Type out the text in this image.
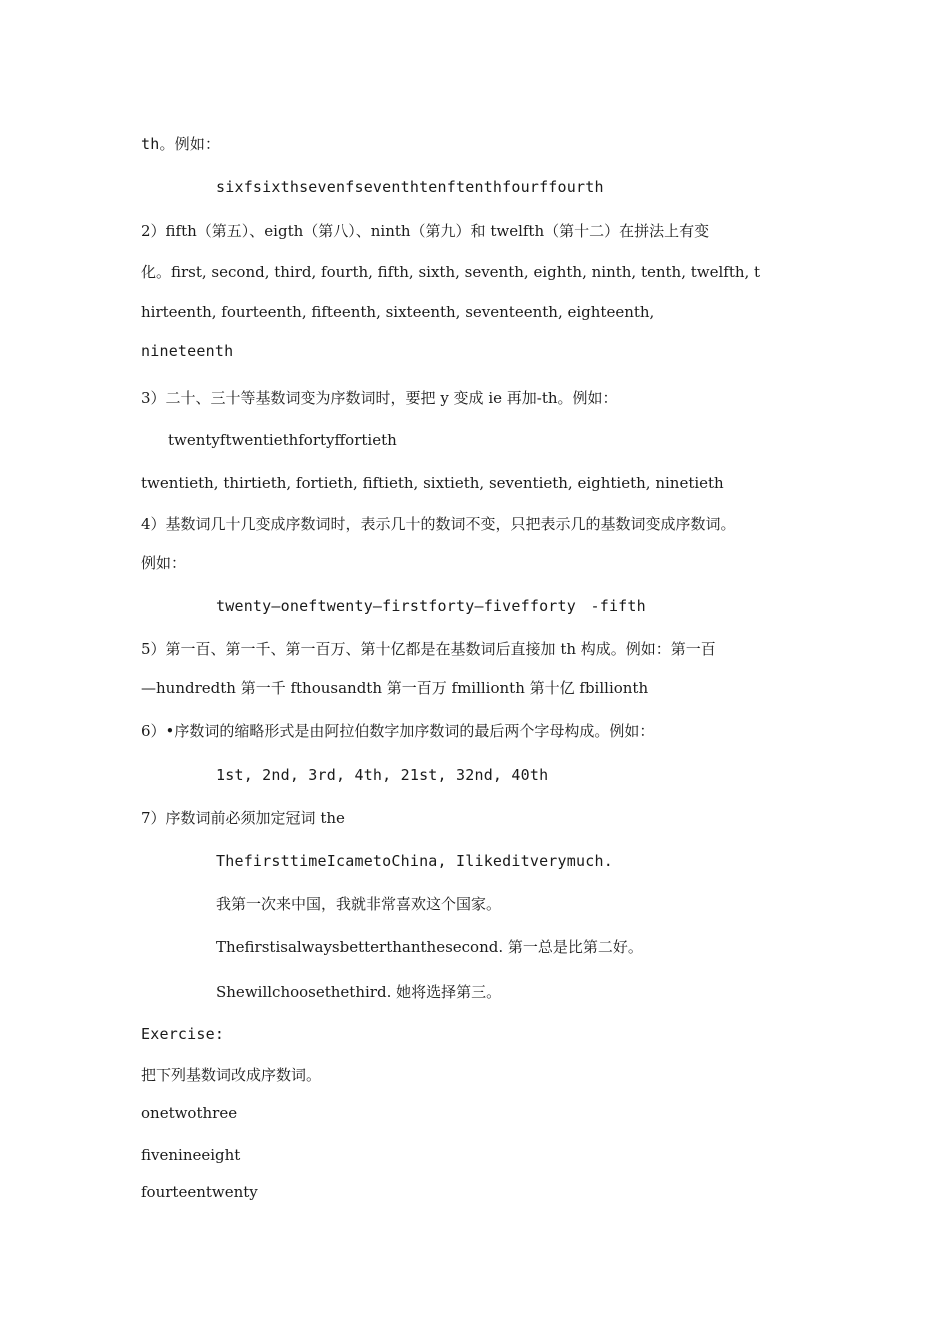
th。例如：
sixfsixthsevenfseventhtenftenthfourffourth
2）fifth（第五）、eigth（第八）、ninth（第九）和 twelfth（第十二）在拼法上有变
化。first, second, third, fourth, fifth, sixth, seventh, eighth, ninth, tenth, twelfth, t
hirteenth, fourteenth, fifteenth, sixteenth, seventeenth, eighteenth,
nineteenth
3）二十、三十等基数词变为序数词时，要把 y 变成 ie 再加-th。例如：
twentyftwentiethfortyffortieth
twentieth, thirtieth, fortieth, fiftieth, sixtieth, seventieth, eightieth, ninetieth
4）基数词几十几变成序数词时，表示几十的数词不变，只把表示几的基数词变成序数词。
例如：
twenty—oneftwenty—firstforty—fiveffortyﾠ-fifth
5）第一百、第一千、第一百万、第十亿都是在基数词后直接加 th 构成。例如：第一百
—hundredth 第一千 fthousandth 第一百万 fmillionth 第十亿 fbillionth
6）•序数词的缩略形式是由阿拉伯数字加序数词的最后两个字母构成。例如：
1st, 2nd, 3rd, 4th, 21st, 32nd, 40th
7）序数词前必须加定冠词 the
ThefirsttimeIcametoChina, Ilikeditverymuch.
我第一次来中国，我就非常喜欢这个国家。
Thefirstisalwaysbetterthanthesecond. 第一总是比第二好。
Shewillchoosethethird. 她将选择第三。
Exercise:
把下列基数词改成序数词。
onetwothree
fivenineeight
fourteentwenty
